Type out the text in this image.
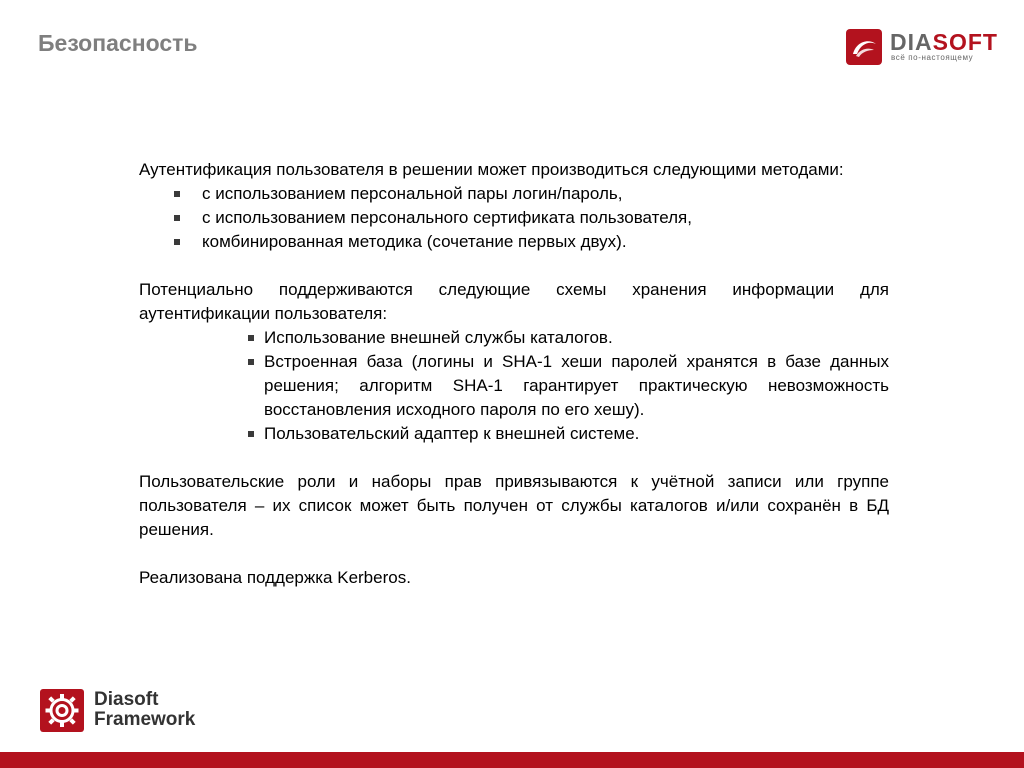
Безопасность	DIASOFT
всё по-настоящему

Аутентификация пользователя в решении может производиться следующими методами:

с использованием персональной пары логин/пароль,
с использованием персонального сертификата пользователя,
комбинированная методика (сочетание первых двух).

Потенциально поддерживаются следующие схемы хранения информации для аутентификации пользователя:

Использование внешней службы каталогов.
Встроенная база (логины и SHA-1 хеши паролей хранятся в базе данных решения; алгоритм SHA-1 гарантирует практическую невозможность восстановления исходного пароля по его хешу).
Пользовательский адаптер к внешней системе.

Пользовательские роли и наборы прав привязываются к учётной записи или группе пользователя – их список может быть получен от службы каталогов и/или сохранён в БД решения.

Реализована поддержка Kerberos.

Diasoft
Framework
